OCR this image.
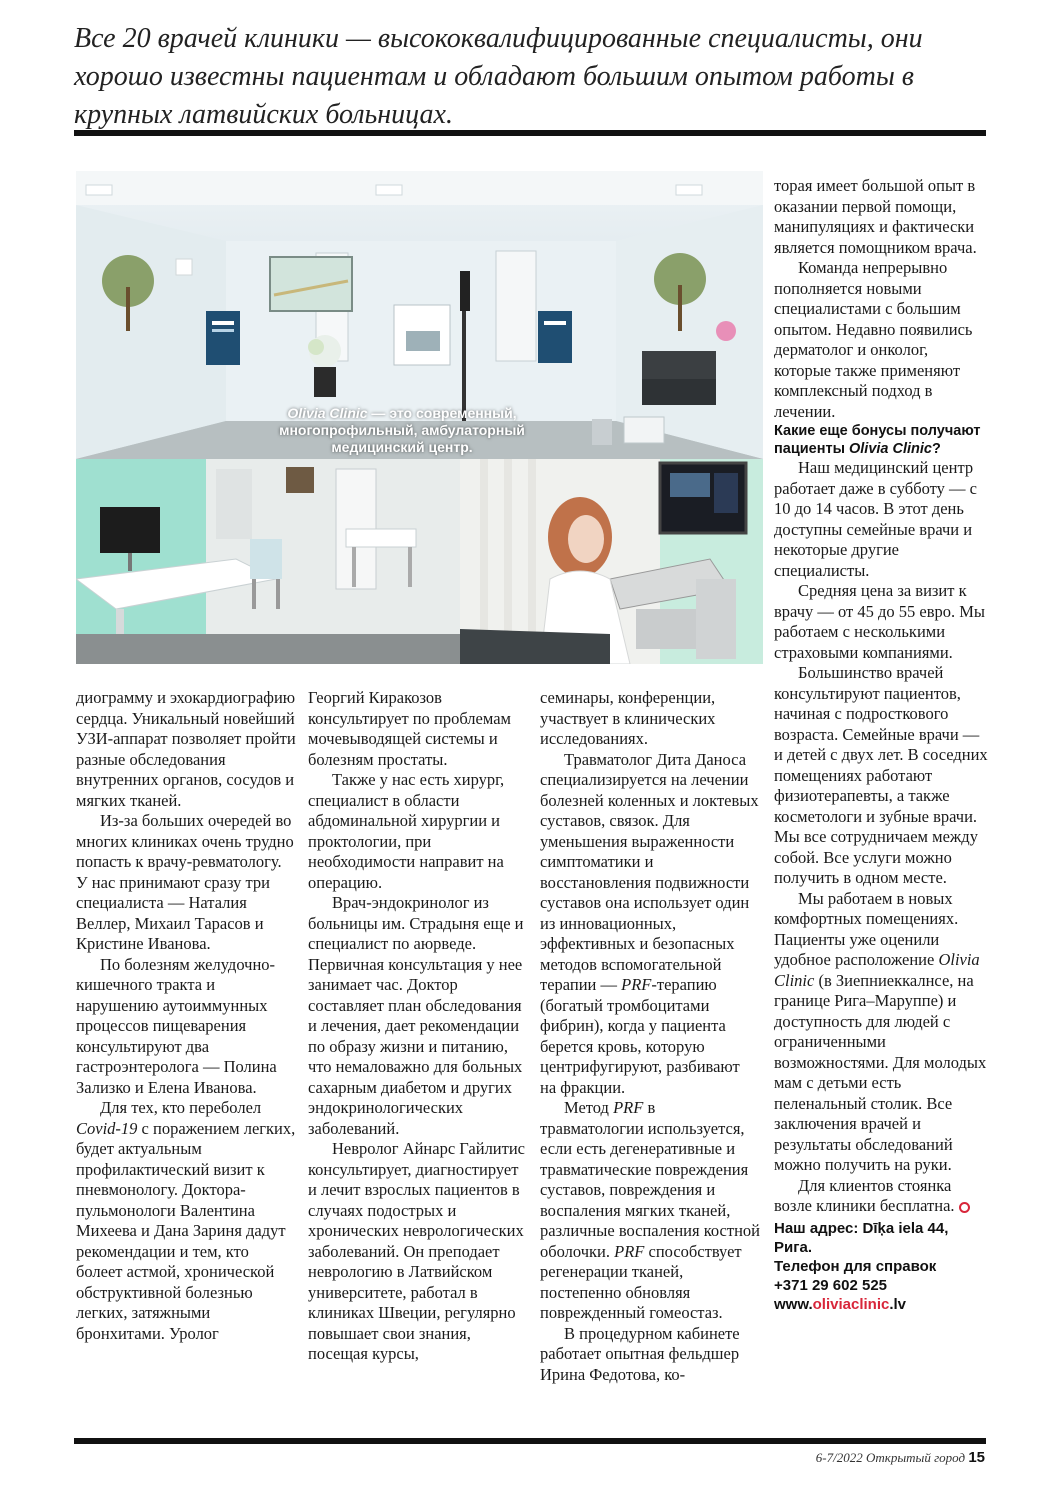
Все 20 врачей клиники — высококвалифицированные специалисты, они хорошо известны пациентам и обладают большим опытом работы в крупных латвийских больницах.
Olivia Clinic — это современный, многопрофильный, амбулаторный медицинский центр.

диограмму и эхокардиографию сердца. Уникальный новейший УЗИ-аппарат позволяет пройти разные обследования внутренних органов, сосудов и мягких тканей.

Из-за больших очередей во многих клиниках очень трудно попасть к врачу-ревматологу. У нас принимают сразу три специалиста — Наталия Веллер, Михаил Тарасов и Кристине Иванова.

По болезням желудочно-кишечного тракта и нарушению аутоиммунных процессов пищеварения консультируют два гастроэнтеролога — Полина Зализко и Елена Иванова.

Для тех, кто переболел Covid-19 с поражением легких, будет актуальным профилактический визит к пневмонологу. Доктора-пульмонологи Валентина Михеева и Дана Зариня дадут рекомендации и тем, кто болеет астмой, хронической обструктивной болезнью легких, затяжными бронхитами. Уролог

Георгий Киракозов консультирует по проблемам мочевыводящей системы и болезням простаты.

Также у нас есть хирург, специалист в области абдоминальной хирургии и проктологии, при необходимости направит на операцию.

Врач-эндокринолог из больницы им. Страдыня еще и специалист по аюрведе. Первичная консультация у нее занимает час. Доктор составляет план обследования и лечения, дает рекомендации по образу жизни и питанию, что немаловажно для больных сахарным диабетом и других эндокринологических заболеваний.

Невролог Айнарс Гайлитис консультирует, диагностирует и лечит взрослых пациентов в случаях подострых и хронических неврологических заболеваний. Он преподает неврологию в Латвийском университете, работал в клиниках Швеции, регулярно повышает свои знания, посещая курсы,

семинары, конференции, участвует в клинических исследованиях.

Травматолог Дита Даноса специализируется на лечении болезней коленных и локтевых суставов, связок. Для уменьшения выраженности симптоматики и восстановления подвижности суставов она использует один из инновационных, эффективных и безопасных методов вспомогательной терапии — PRF-терапию (богатый тромбоцитами фибрин), когда у пациента берется кровь, которую центрифугируют, разбивают на фракции.

Метод PRF в травматологии используется, если есть дегенеративные и травматические повреждения суставов, повреждения и воспаления мягких тканей, различные воспаления костной оболочки. PRF способствует регенерации тканей, постепенно обновляя поврежденный гомеостаз.

В процедурном кабинете работает опытная фельдшер Ирина Федотова, ко-

торая имеет большой опыт в оказании первой помощи, манипуляциях и фактически является помощником врача.

Команда непрерывно пополняется новыми специалистами с большим опытом. Недавно появились дерматолог и онколог, которые также применяют комплексный подход в лечении.

Какие еще бонусы получают пациенты Olivia Clinic?

Наш медицинский центр работает даже в субботу — с 10 до 14 часов. В этот день доступны семейные врачи и некоторые другие специалисты.

Средняя цена за визит к врачу — от 45 до 55 евро. Мы работаем с несколькими страховыми компаниями.

Большинство врачей консультируют пациентов, начиная с подросткового возраста. Семейные врачи — и детей с двух лет. В соседних помещениях работают физиотерапевты, а также косметологи и зубные врачи. Мы все сотрудничаем между собой. Все услуги можно получить в одном месте.

Мы работаем в новых комфортных помещениях. Пациенты уже оценили удобное расположение Olivia Clinic (в Зиепниеккалнсе, на границе Рига–Маруппе) и доступность для людей с ограниченными возможностями. Для молодых мам с детьми есть пеленальный столик. Все заключения врачей и результаты обследований можно получить на руки.

Для клиентов стоянка возле клиники бесплатна.

Наш адрес: Dīķa iela 44, Рига.
Телефон для справок
+371 29 602 525
www.oliviaclinic.lv
6-7/2022 Открытый город 15
